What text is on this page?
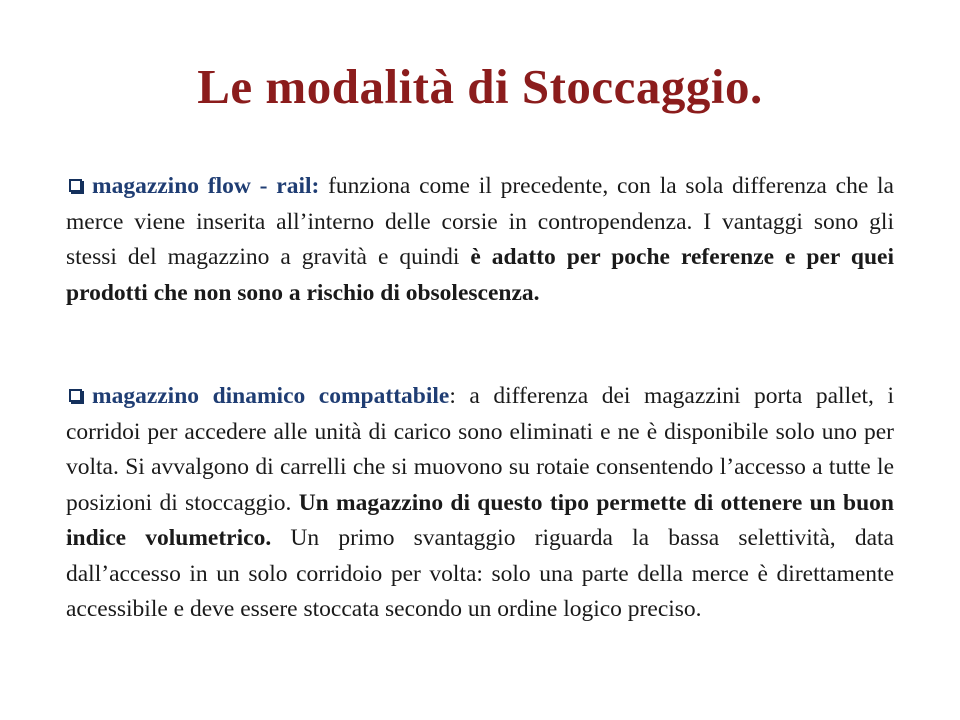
Le modalità di Stoccaggio.

magazzino flow - rail: funziona come il precedente, con la sola differenza che la merce viene inserita all’interno delle corsie in contropendenza. I vantaggi sono gli stessi del magazzino a gravità e quindi è adatto per poche referenze e per quei prodotti che non sono a rischio di obsolescenza.

magazzino dinamico compattabile: a differenza dei magazzini porta pallet, i corridoi per accedere alle unità di carico sono eliminati e ne è disponibile solo uno per volta. Si avvalgono di carrelli che si muovono su rotaie consentendo l’accesso a tutte le posizioni di stoccaggio. Un magazzino di questo tipo permette di ottenere un buon indice volumetrico. Un primo svantaggio riguarda la bassa selettività, data dall’accesso in un solo corridoio per volta: solo una parte della merce è direttamente accessibile e deve essere stoccata secondo un ordine logico preciso.
